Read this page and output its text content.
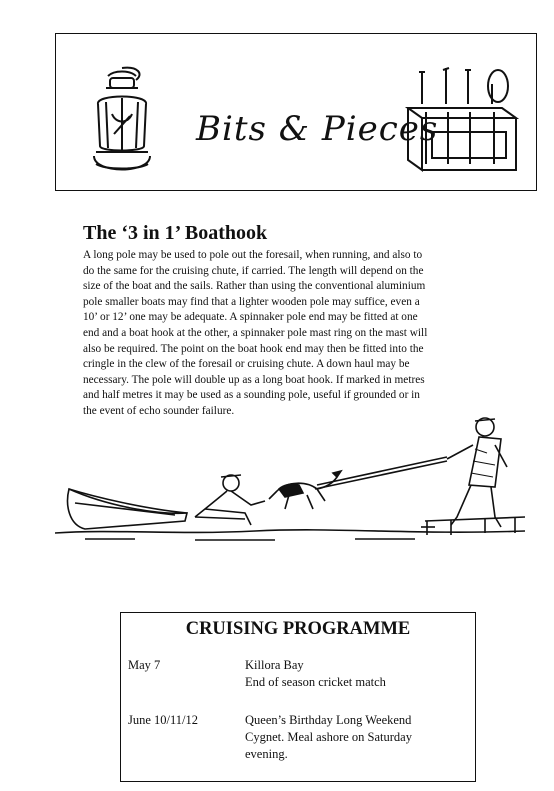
Bits & Pieces
The ‘3 in 1’ Boathook
A long pole may be used to pole out the foresail, when running, and also to
do the same for the cruising chute, if carried. The length will depend on the
size of the boat and the sails. Rather than using the conventional aluminium
pole smaller boats may find that a lighter wooden pole may suffice, even a
10’ or 12’ one may be adequate. A spinnaker pole end may be fitted at one
end and a boat hook at the other, a spinnaker pole mast ring on the mast will
also be required. The point on the boat hook end may then be fitted into the
cringle in the clew of the foresail or cruising chute. A down haul may be
necessary. The pole will double up as a long boat hook. If marked in metres
and half metres it may be used as a sounding pole, useful if grounded or in
the event of echo sounder failure.
CRUISING PROGRAMME
May 7	Killora Bay
End of season cricket match
June 10/11/12	Queen’s Birthday Long Weekend
Cygnet. Meal ashore on Saturday
evening.
